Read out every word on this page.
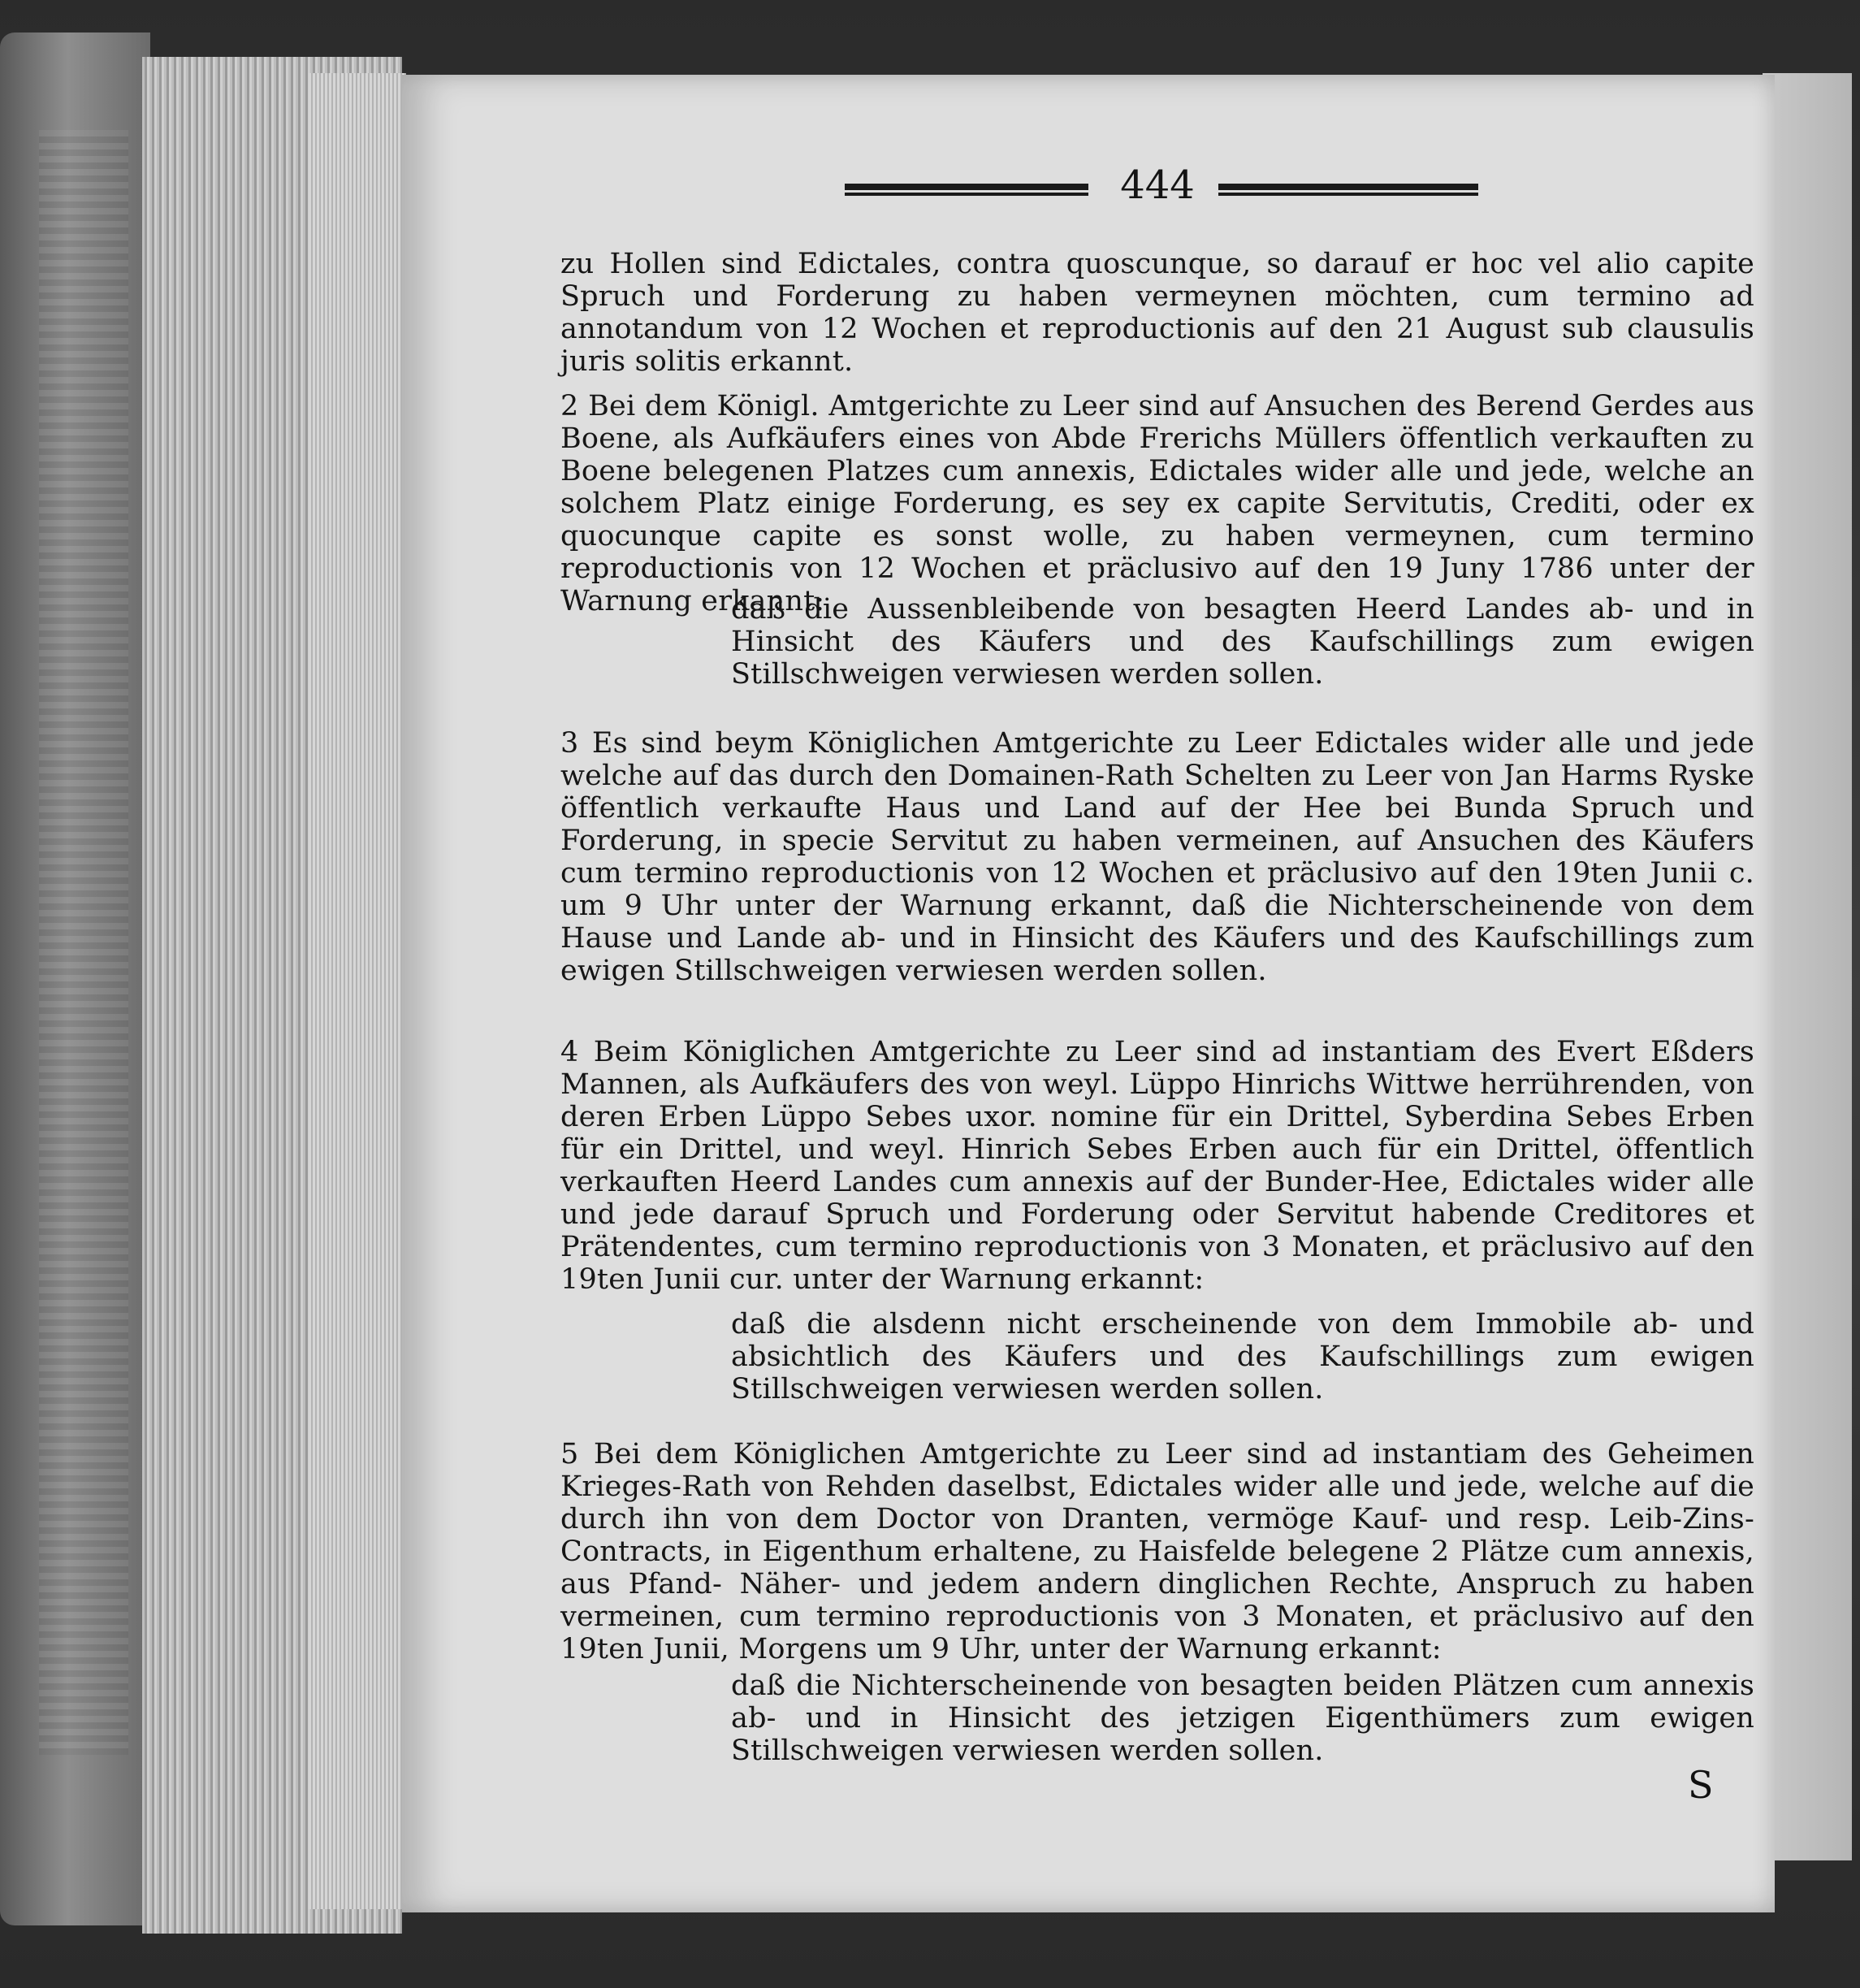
444
zu Hollen sind Edictales, contra quoscunque, so darauf er hoc vel alio capite Spruch und Forderung zu haben vermeynen möchten, cum termino ad annotandum von 12 Wochen et reproductionis auf den 21 August sub clausulis juris solitis erkannt.
2 Bei dem Königl. Amtgerichte zu Leer sind auf Ansuchen des Berend Gerdes aus Boene, als Aufkäufers eines von Abde Frerichs Müllers öffentlich verkauften zu Boene belegenen Platzes cum annexis, Edictales wider alle und jede, welche an solchem Platz einige Forderung, es sey ex capite Servitutis, Crediti, oder ex quocunque capite es sonst wolle, zu haben vermeynen, cum termino reproductionis von 12 Wochen et präclusivo auf den 19 Juny 1786 unter der Warnung erkannt:
daß die Aussenbleibende von besagten Heerd Landes ab- und in Hinsicht des Käufers und des Kaufschillings zum ewigen Stillschweigen verwiesen werden sollen.
3 Es sind beym Königlichen Amtgerichte zu Leer Edictales wider alle und jede welche auf das durch den Domainen-Rath Schelten zu Leer von Jan Harms Ryske öffentlich verkaufte Haus und Land auf der Hee bei Bunda Spruch und Forderung, in specie Servitut zu haben vermeinen, auf Ansuchen des Käufers cum termino reproductionis von 12 Wochen et präclusivo auf den 19ten Junii c. um 9 Uhr unter der Warnung erkannt, daß die Nichterscheinende von dem Hause und Lande ab- und in Hinsicht des Käufers und des Kaufschillings zum ewigen Stillschweigen verwiesen werden sollen.
4 Beim Königlichen Amtgerichte zu Leer sind ad instantiam des Evert Eßders Mannen, als Aufkäufers des von weyl. Lüppo Hinrichs Wittwe herrührenden, von deren Erben Lüppo Sebes uxor. nomine für ein Drittel, Syberdina Sebes Erben für ein Drittel, und weyl. Hinrich Sebes Erben auch für ein Drittel, öffentlich verkauften Heerd Landes cum annexis auf der Bunder-Hee, Edictales wider alle und jede darauf Spruch und Forderung oder Servitut habende Creditores et Prätendentes, cum termino reproductionis von 3 Monaten, et präclusivo auf den 19ten Junii cur. unter der Warnung erkannt:
daß die alsdenn nicht erscheinende von dem Immobile ab- und absichtlich des Käufers und des Kaufschillings zum ewigen Stillschweigen verwiesen werden sollen.
5 Bei dem Königlichen Amtgerichte zu Leer sind ad instantiam des Geheimen Krieges-Rath von Rehden daselbst, Edictales wider alle und jede, welche auf die durch ihn von dem Doctor von Dranten, vermöge Kauf- und resp. Leib-Zins-Contracts, in Eigenthum erhaltene, zu Haisfelde belegene 2 Plätze cum annexis, aus Pfand- Näher- und jedem andern dinglichen Rechte, Anspruch zu haben vermeinen, cum termino reproductionis von 3 Monaten, et präclusivo auf den 19ten Junii, Morgens um 9 Uhr, unter der Warnung erkannt:
daß die Nichterscheinende von besagten beiden Plätzen cum annexis ab- und in Hinsicht des jetzigen Eigenthümers zum ewigen Stillschweigen verwiesen werden sollen.
S
